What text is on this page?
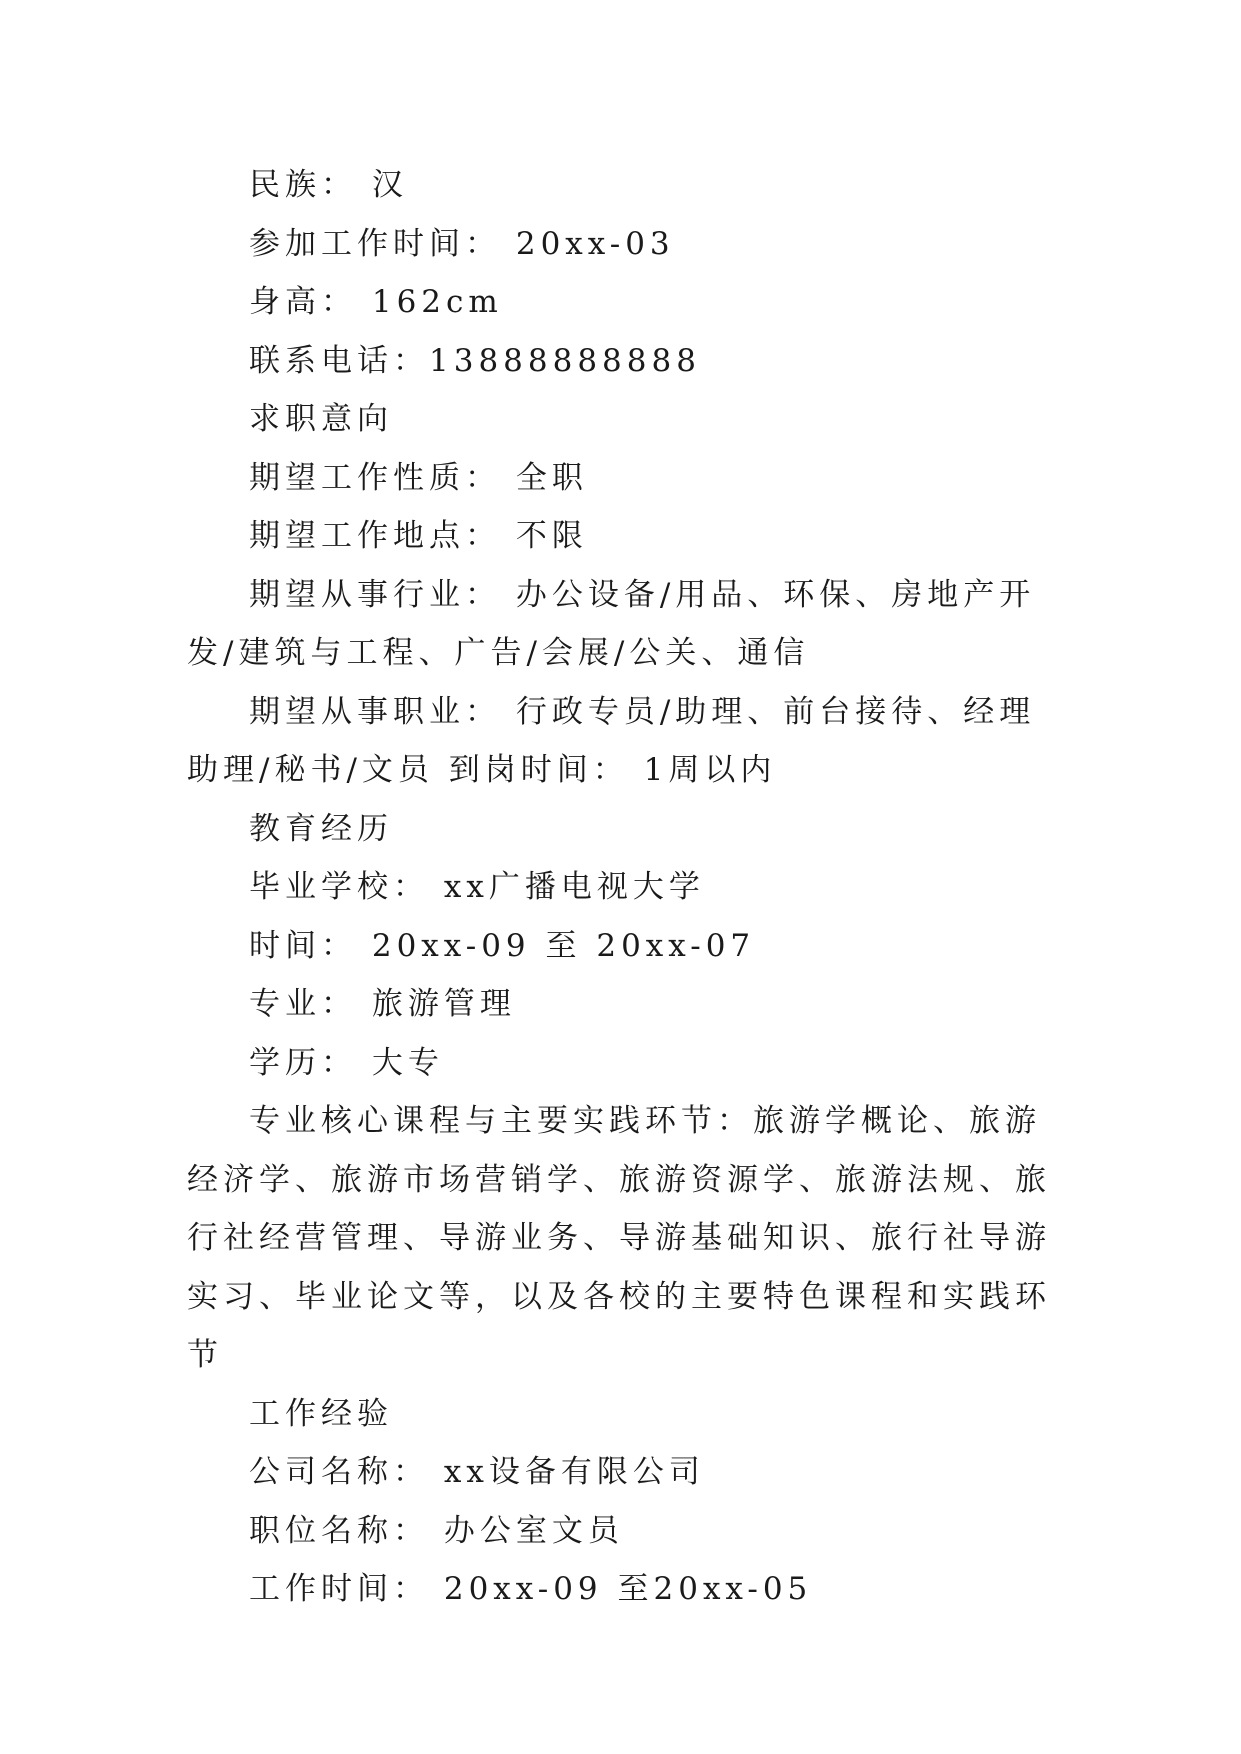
民族： 汉

参加工作时间： 20xx-03

身高： 162cm

联系电话：13888888888

求职意向

期望工作性质： 全职

期望工作地点： 不限

期望从事行业： 办公设备/用品、环保、房地产开发/建筑与工程、广告/会展/公关、通信

期望从事职业： 行政专员/助理、前台接待、经理助理/秘书/文员 到岗时间： 1周以内

教育经历

毕业学校： xx广播电视大学

时间： 20xx-09 至 20xx-07

专业： 旅游管理

学历： 大专

专业核心课程与主要实践环节：旅游学概论、旅游经济学、旅游市场营销学、旅游资源学、旅游法规、旅行社经营管理、导游业务、导游基础知识、旅行社导游实习、毕业论文等，以及各校的主要特色课程和实践环节

工作经验

公司名称： xx设备有限公司

职位名称： 办公室文员

工作时间： 20xx-09 至20xx-05
